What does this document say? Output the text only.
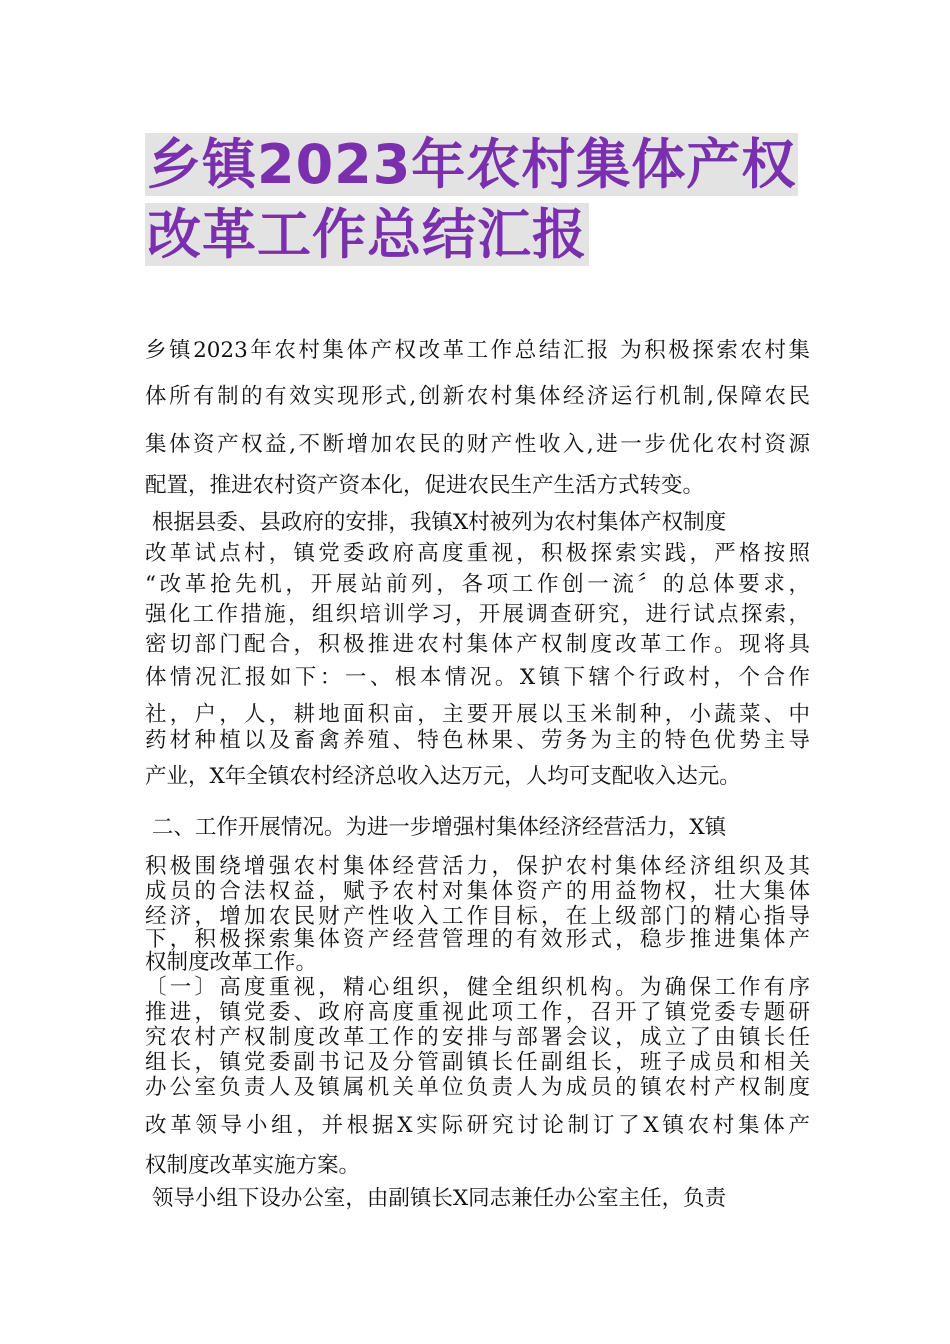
乡镇2023年农村集体产权
改革工作总结汇报
乡镇2023年农村集体产权改革工作总结汇报 为积极探索农村集
体所有制的有效实现形式,创新农村集体经济运行机制,保障农民
集体资产权益,不断增加农民的财产性收入,进一步优化农村资源
配置，推进农村资产资本化，促进农民生产生活方式转变。
根据县委、县政府的安排，我镇X村被列为农村集体产权制度
改革试点村，镇党委政府高度重视，积极探索实践，严格按照
“改革抢先机，开展站前列，各项工作创一流〞的总体要求，
强化工作措施，组织培训学习，开展调查研究，进行试点探索，
密切部门配合，积极推进农村集体产权制度改革工作。现将具
体情况汇报如下：一、根本情况。X镇下辖个行政村，个合作
社，户，人，耕地面积亩，主要开展以玉米制种，小蔬菜、中
药材种植以及畜禽养殖、特色林果、劳务为主的特色优势主导
产业，X年全镇农村经济总收入达万元，人均可支配收入达元。
二、工作开展情况。为进一步增强村集体经济经营活力，X镇
积极围绕增强农村集体经营活力，保护农村集体经济组织及其
成员的合法权益，赋予农村对集体资产的用益物权，壮大集体
经济，增加农民财产性收入工作目标，在上级部门的精心指导
下，积极探索集体资产经营管理的有效形式，稳步推进集体产
权制度改革工作。
〔一〕高度重视，精心组织，健全组织机构。为确保工作有序
推进，镇党委、政府高度重视此项工作，召开了镇党委专题研
究农村产权制度改革工作的安排与部署会议，成立了由镇长任
组长，镇党委副书记及分管副镇长任副组长，班子成员和相关
办公室负责人及镇属机关单位负责人为成员的镇农村产权制度
改革领导小组，并根据X实际研究讨论制订了X镇农村集体产
权制度改革实施方案。
领导小组下设办公室，由副镇长X同志兼任办公室主任，负责
